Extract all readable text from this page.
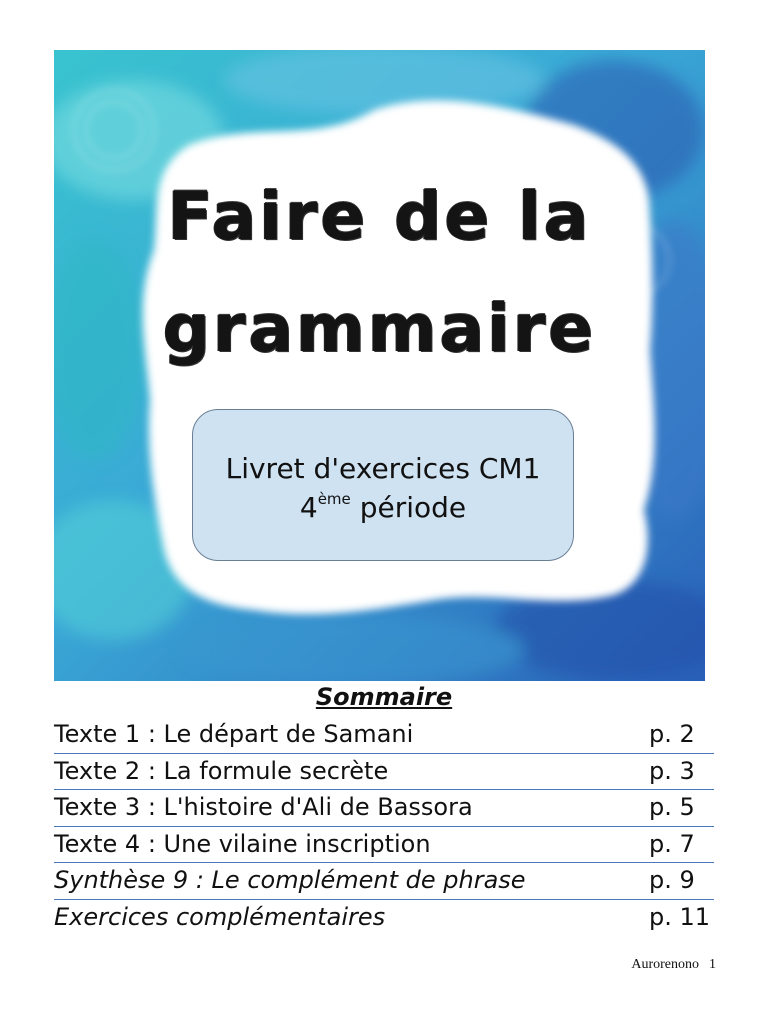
Faire de la
grammaire
Livret d'exercices CM1
4ème période
Sommaire
Texte 1 : Le départ de Samani	p. 2
Texte 2 : La formule secrète	p. 3
Texte 3 : L'histoire d'Ali de Bassora	p. 5
Texte 4 : Une vilaine inscription	p. 7
Synthèse 9 : Le complément de phrase	p. 9
Exercices complémentaires	p. 11
Aurorenono 1
